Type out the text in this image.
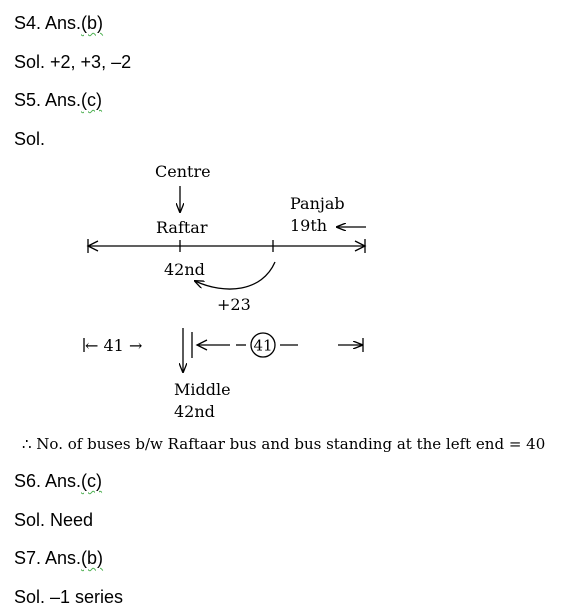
S4. Ans.(b)
Sol. +2, +3, –2
S5. Ans.(c)
Sol.
Centre
Raftar
Panjab
19th
42nd
+23
← 41 →	41
Middle
42nd
∴ No. of buses b/w Raftaar bus and bus standing at the left end = 40
S6. Ans.(c)
Sol. Need
S7. Ans.(b)
Sol. –1 series
